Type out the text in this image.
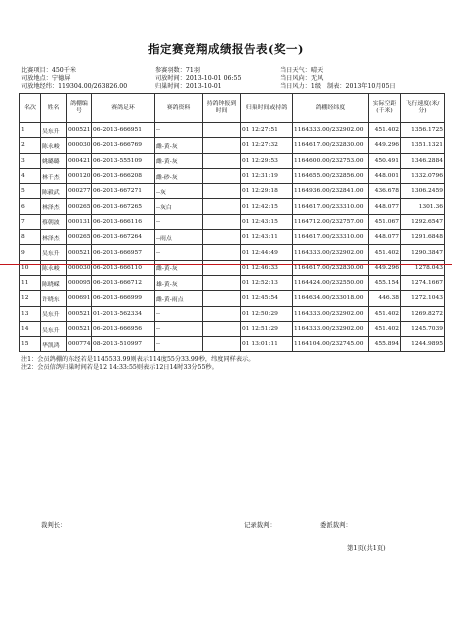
指定赛竞翔成绩报告表(奖一)
比赛项目：450千米	参赛羽数：71羽	当日天气：晴天
司放地点：宁德屏	司放时间：2013-10-01 06:55	当日风向：无风
司放地经纬：119304.00/263826.00	归巢时间：2013-10-01	当日风力：1级 制表：2013年10月05日
名次	姓名	鸽棚编号	赛鸽足环	赛鸽资料	持鸽钟报到时间	归巢时间或持鸽	鸽棚经纬度	实际空距(千米)	飞行速度(米/分)
1	吴东升	000521	06-2013-666951	--		01 12:27:51	1164333.00/232902.00	451.402	1356.1725
2	陈永峻	000030	06-2013-666769	雌-黄-灰		01 12:27:32	1164617.00/232830.00	449.296	1351.1321
3	姚璐璐	000421	06-2013-555109	雌-黄-灰		01 12:29:53	1164600.00/232753.00	450.491	1346.2884
4	林千杰	000120	06-2013-666208	雌-砂-灰		01 12:31:19	1164655.00/232856.00	448.001	1332.0796
5	陈毅武	000277	06-2013-667271	--灰		01 12:29:18	1164936.00/232841.00	436.678	1306.2459
6	林泽杰	000265	06-2013-667265	--灰白		01 12:42:15	1164617.00/233310.00	448.077	1301.36
7	蔡朝波	000131	06-2013-666116	--		01 12:43:15	1164712.00/232757.00	451.067	1292.6547
8	林泽杰	000265	06-2013-667264	--雨点		01 12:43:11	1164617.00/233310.00	448.077	1291.6848
9	吴东升	000521	06-2013-666957	--		01 12:44:49	1164333.00/232902.00	451.402	1290.3847
10	陈永峻	000030	06-2013-666110	雌-黄-灰		01 12:46:33	1164617.00/232830.00	449.296	1278.043
11	陈晓嵘	000095	06-2013-666712	雄-黄-灰		01 12:52:13	1164424.00/232550.00	455.154	1274.1667
12	许晓东	000691	06-2013-666999	雌-黄-雨点		01 12:45:54	1164634.00/233018.00	446.38	1272.1043
13	吴东升	000521	01-2013-562334	--		01 12:50:29	1164333.00/232902.00	451.402	1269.8272
14	吴东升	000521	06-2013-666956	--		01 12:51:29	1164333.00/232902.00	451.402	1245.7039
15	华凯鸿	000774	08-2013-510997	--		01 13:01:11	1164104.00/232745.00	455.894	1244.9895
注1：会员鸽棚的东经若是1145533.99则表示114度55分33.99秒，纬度同样表示。
注2：会员信鸽归巢时间若是12 14:33:55则表示12日14时33分55秒。
裁判长：	记录裁判：	委派裁判：
第1页(共1页)
